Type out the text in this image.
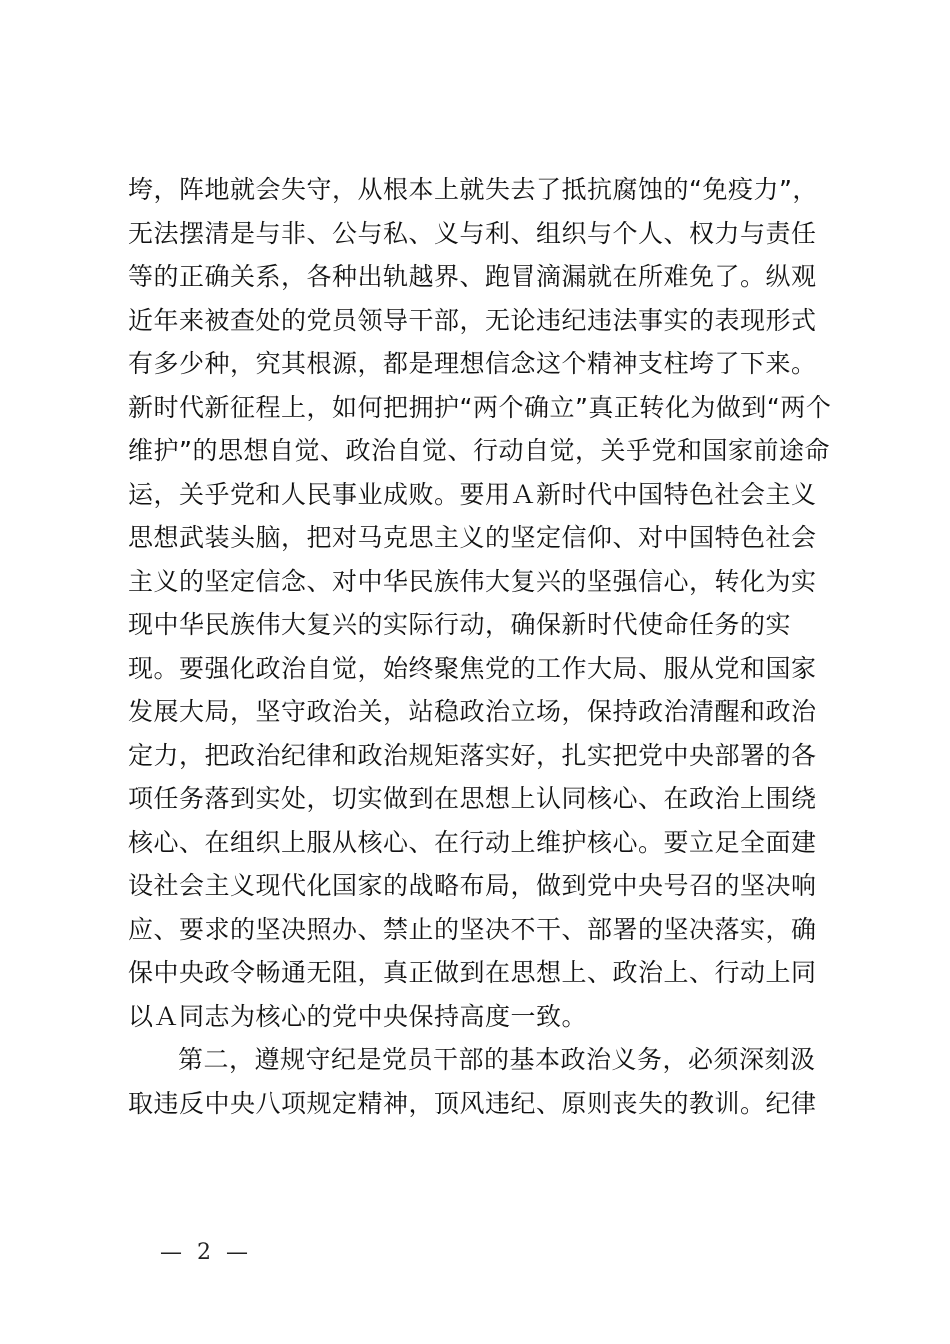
垮，阵地就会失守，从根本上就失去了抵抗腐蚀的“免疫力”，
无法摆清是与非、公与私、义与利、组织与个人、权力与责任
等的正确关系，各种出轨越界、跑冒滴漏就在所难免了。纵观
近年来被查处的党员领导干部，无论违纪违法事实的表现形式
有多少种，究其根源，都是理想信念这个精神支柱垮了下来。
新时代新征程上，如何把拥护“两个确立”真正转化为做到“两个
维护”的思想自觉、政治自觉、行动自觉，关乎党和国家前途命
运，关乎党和人民事业成败。要用Ａ新时代中国特色社会主义
思想武装头脑，把对马克思主义的坚定信仰、对中国特色社会
主义的坚定信念、对中华民族伟大复兴的坚强信心，转化为实
现中华民族伟大复兴的实际行动，确保新时代使命任务的实
现。要强化政治自觉，始终聚焦党的工作大局、服从党和国家
发展大局，坚守政治关，站稳政治立场，保持政治清醒和政治
定力，把政治纪律和政治规矩落实好，扎实把党中央部署的各
项任务落到实处，切实做到在思想上认同核心、在政治上围绕
核心、在组织上服从核心、在行动上维护核心。要立足全面建
设社会主义现代化国家的战略布局，做到党中央号召的坚决响
应、要求的坚决照办、禁止的坚决不干、部署的坚决落实，确
保中央政令畅通无阻，真正做到在思想上、政治上、行动上同
以Ａ同志为核心的党中央保持高度一致。
第二，遵规守纪是党员干部的基本政治义务，必须深刻汲
取违反中央八项规定精神，顶风违纪、原则丧失的教训。纪律
— 2 —
